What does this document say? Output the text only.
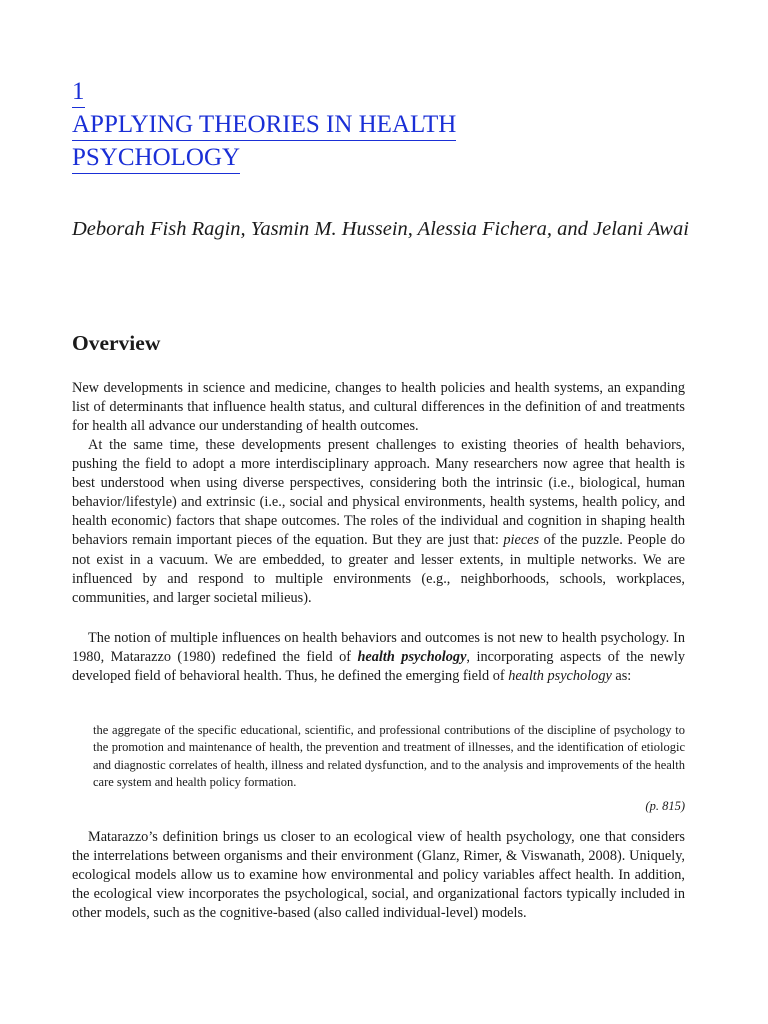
1
APPLYING THEORIES IN HEALTH
PSYCHOLOGY
Deborah Fish Ragin, Yasmin M. Hussein, Alessia Fichera, and Jelani Awai
Overview

New developments in science and medicine, changes to health policies and health systems, an expanding list of determinants that influence health status, and cultural differences in the definition of and treatments for health all advance our understanding of health outcomes.

At the same time, these developments present challenges to existing theories of health behaviors, pushing the field to adopt a more interdisciplinary approach. Many researchers now agree that health is best understood when using diverse perspectives, considering both the intrinsic (i.e., biological, human behavior/lifestyle) and extrinsic (i.e., social and physical environments, health systems, health policy, and health economic) factors that shape outcomes. The roles of the individual and cognition in shaping health behaviors remain important pieces of the equation. But they are just that: pieces of the puzzle. People do not exist in a vacuum. We are embedded, to greater and lesser extents, in multiple networks. We are influenced by and respond to multiple environments (e.g., neighborhoods, schools, workplaces, communities, and larger societal milieus).

The notion of multiple influences on health behaviors and outcomes is not new to health psychology. In 1980, Matarazzo (1980) redefined the field of health psychology, incorporating aspects of the newly developed field of behavioral health. Thus, he defined the emerging field of health psychology as:

the aggregate of the specific educational, scientific, and professional contributions of the discipline of psychology to the promotion and maintenance of health, the prevention and treatment of illnesses, and the identification of etiologic and diagnostic correlates of health, illness and related dysfunction, and to the analysis and improvements of the health care system and health policy formation.

(p. 815)

Matarazzo’s definition brings us closer to an ecological view of health psychology, one that considers the interrelations between organisms and their environment (Glanz, Rimer, & Viswanath, 2008). Uniquely, ecological models allow us to examine how environmental and policy variables affect health. In addition, the ecological view incorporates the psychological, social, and organizational factors typically included in other models, such as the cognitive-based (also called individual-level) models.
